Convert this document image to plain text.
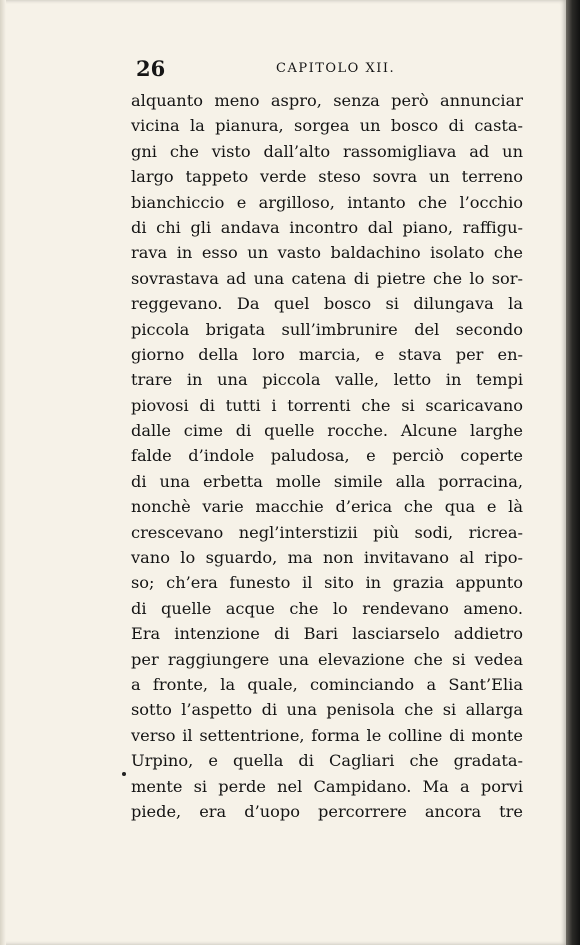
26	CAPITOLO XII.
alquanto meno aspro, senza però annunciar
vicina la pianura, sorgea un bosco di casta-
gni che visto dall’alto rassomigliava ad un
largo tappeto verde steso sovra un terreno
bianchiccio e argilloso, intanto che l’occhio
di chi gli andava incontro dal piano, raffigu-
rava in esso un vasto baldachino isolato che
sovrastava ad una catena di pietre che lo sor-
reggevano. Da quel bosco si dilungava la
piccola brigata sull’imbrunire del secondo
giorno della loro marcia, e stava per en-
trare in una piccola valle, letto in tempi
piovosi di tutti i torrenti che si scaricavano
dalle cime di quelle rocche. Alcune larghe
falde d’indole paludosa, e perciò coperte
di una erbetta molle simile alla porracina,
nonchè varie macchie d’erica che qua e là
crescevano negl’interstizii più sodi, ricrea-
vano lo sguardo, ma non invitavano al ripo-
so; ch’era funesto il sito in grazia appunto
di quelle acque che lo rendevano ameno.
Era intenzione di Bari lasciarselo addietro
per raggiungere una elevazione che si vedea
a fronte, la quale, cominciando a Sant’Elia
sotto l’aspetto di una penisola che si allarga
verso il settentrione, forma le colline di monte
Urpino, e quella di Cagliari che gradata-
mente si perde nel Campidano. Ma a porvi
piede, era d’uopo percorrere ancora tre
